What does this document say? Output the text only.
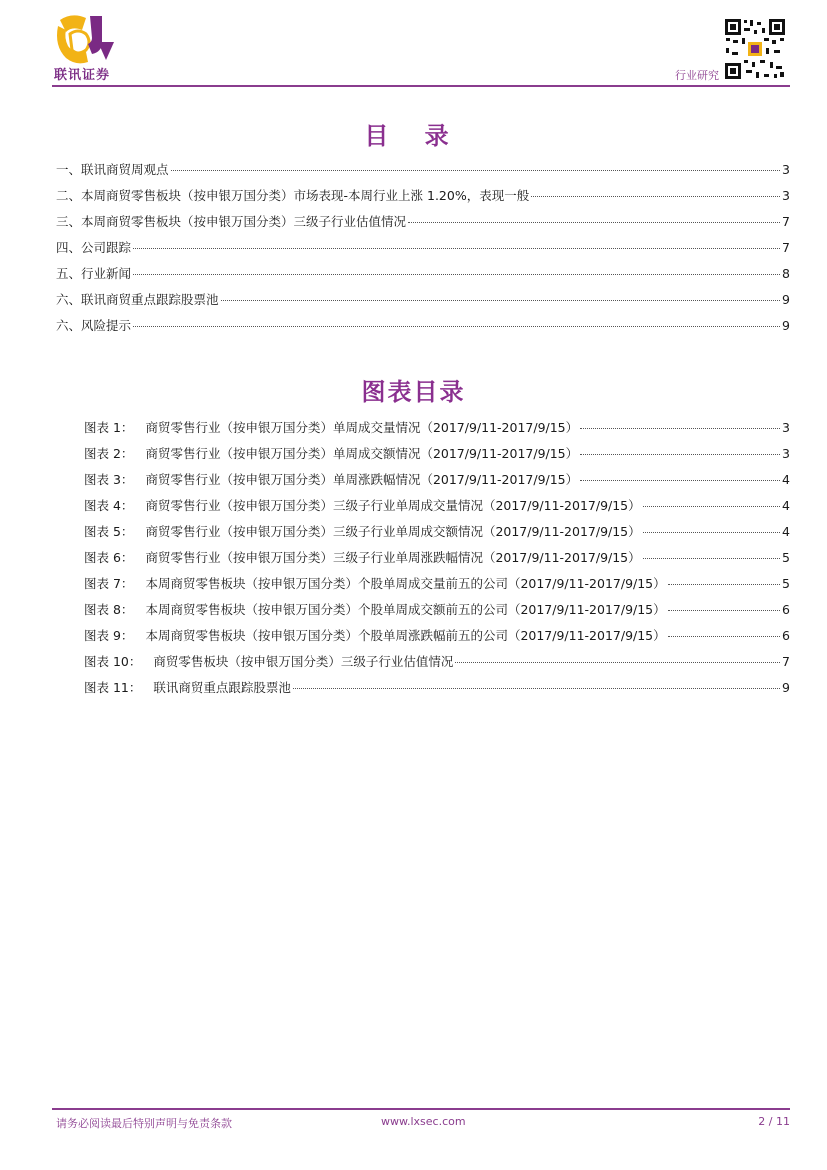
联讯证券	行业研究
目 录
一、联讯商贸周观点	3
二、本周商贸零售板块（按申银万国分类）市场表现-本周行业上涨 1.20%，表现一般	3
三、本周商贸零售板块（按申银万国分类）三级子行业估值情况	7
四、公司跟踪	7
五、行业新闻	8
六、联讯商贸重点跟踪股票池	9
六、风险提示	9
图表目录
图表 1： 商贸零售行业（按申银万国分类）单周成交量情况（2017/9/11-2017/9/15）	3
图表 2： 商贸零售行业（按申银万国分类）单周成交额情况（2017/9/11-2017/9/15）	3
图表 3： 商贸零售行业（按申银万国分类）单周涨跌幅情况（2017/9/11-2017/9/15）	4
图表 4： 商贸零售行业（按申银万国分类）三级子行业单周成交量情况（2017/9/11-2017/9/15）	4
图表 5： 商贸零售行业（按申银万国分类）三级子行业单周成交额情况（2017/9/11-2017/9/15）	4
图表 6： 商贸零售行业（按申银万国分类）三级子行业单周涨跌幅情况（2017/9/11-2017/9/15）	5
图表 7： 本周商贸零售板块（按申银万国分类）个股单周成交量前五的公司（2017/9/11-2017/9/15）	5
图表 8： 本周商贸零售板块（按申银万国分类）个股单周成交额前五的公司（2017/9/11-2017/9/15）	6
图表 9： 本周商贸零售板块（按申银万国分类）个股单周涨跌幅前五的公司（2017/9/11-2017/9/15）	6
图表 10： 商贸零售板块（按申银万国分类）三级子行业估值情况	7
图表 11： 联讯商贸重点跟踪股票池	9
请务必阅读最后特别声明与免责条款	www.lxsec.com	2 / 11
